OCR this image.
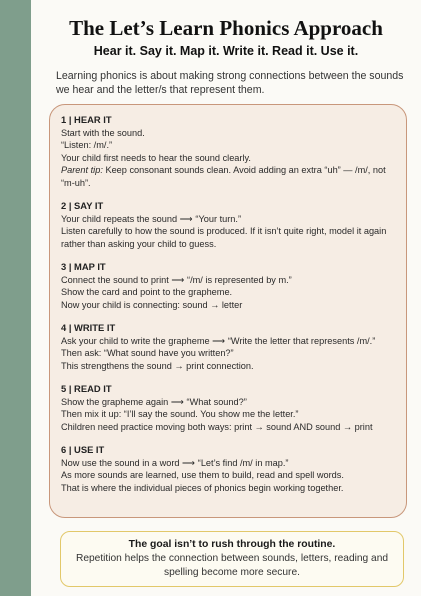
The Let’s Learn Phonics Approach
Hear it. Say it. Map it. Write it. Read it. Use it.
Learning phonics is about making strong connections between the sounds we hear and the letter/s that represent them.
1 | HEAR IT
Start with the sound.
“Listen: /m/.”
Your child first needs to hear the sound clearly.
Parent tip: Keep consonant sounds clean. Avoid adding an extra “uh” — /m/, not “m-uh”.
2 | SAY IT
Your child repeats the sound ⟶ “Your turn.”
Listen carefully to how the sound is produced. If it isn’t quite right, model it again rather than asking your child to guess.
3 | MAP IT
Connect the sound to print ⟶ “/m/ is represented by m.”
Show the card and point to the grapheme.
Now your child is connecting: sound → letter
4 | WRITE IT
Ask your child to write the grapheme ⟶ “Write the letter that represents /m/.”
Then ask: “What sound have you written?”
This strengthens the sound → print connection.
5 | READ IT
Show the grapheme again ⟶ “What sound?”
Then mix it up: “I’ll say the sound. You show me the letter.”
Children need practice moving both ways: print → sound AND sound → print
6 | USE IT
Now use the sound in a word ⟶ “Let’s find /m/ in map.”
As more sounds are learned, use them to build, read and spell words.
That is where the individual pieces of phonics begin working together.
The goal isn’t to rush through the routine.
Repetition helps the connection between sounds, letters, reading and spelling become more secure.
